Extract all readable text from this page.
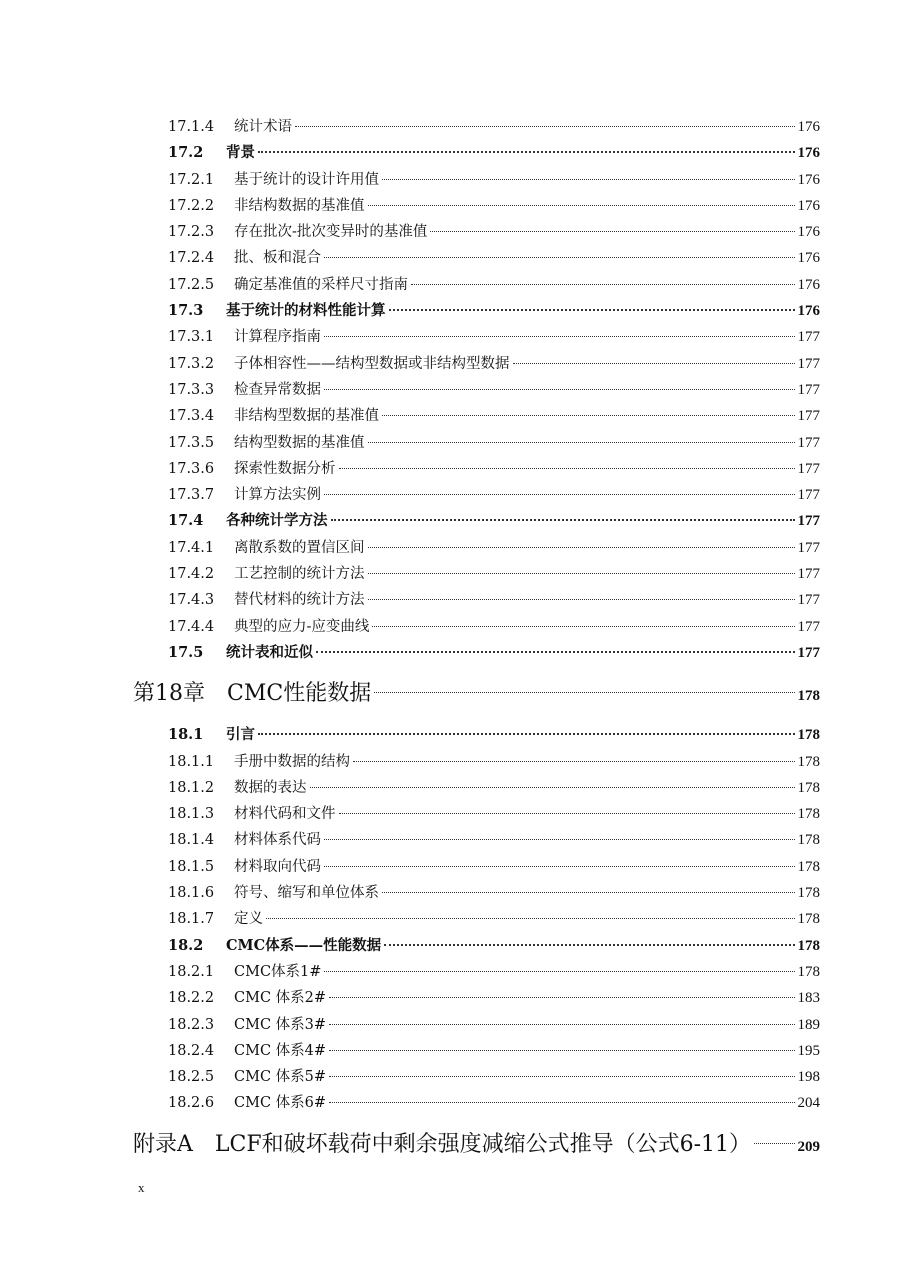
17.1.4	统计术语	176
17.2	背景	176
17.2.1	基于统计的设计许用值	176
17.2.2	非结构数据的基准值	176
17.2.3	存在批次-批次变异时的基准值	176
17.2.4	批、板和混合	176
17.2.5	确定基准值的采样尺寸指南	176
17.3	基于统计的材料性能计算	176
17.3.1	计算程序指南	177
17.3.2	子体相容性——结构型数据或非结构型数据	177
17.3.3	检查异常数据	177
17.3.4	非结构型数据的基准值	177
17.3.5	结构型数据的基准值	177
17.3.6	探索性数据分析	177
17.3.7	计算方法实例	177
17.4	各种统计学方法	177
17.4.1	离散系数的置信区间	177
17.4.2	工艺控制的统计方法	177
17.4.3	替代材料的统计方法	177
17.4.4	典型的应力-应变曲线	177
17.5	统计表和近似	177
第18章	CMC性能数据	178
18.1	引言	178
18.1.1	手册中数据的结构	178
18.1.2	数据的表达	178
18.1.3	材料代码和文件	178
18.1.4	材料体系代码	178
18.1.5	材料取向代码	178
18.1.6	符号、缩写和单位体系	178
18.1.7	定义	178
18.2	CMC体系——性能数据	178
18.2.1	CMC体系1#	178
18.2.2	CMC 体系2#	183
18.2.3	CMC 体系3#	189
18.2.4	CMC 体系4#	195
18.2.5	CMC 体系5#	198
18.2.6	CMC 体系6#	204
附录A	LCF和破坏载荷中剩余强度减缩公式推导（公式6-11）	209
x
